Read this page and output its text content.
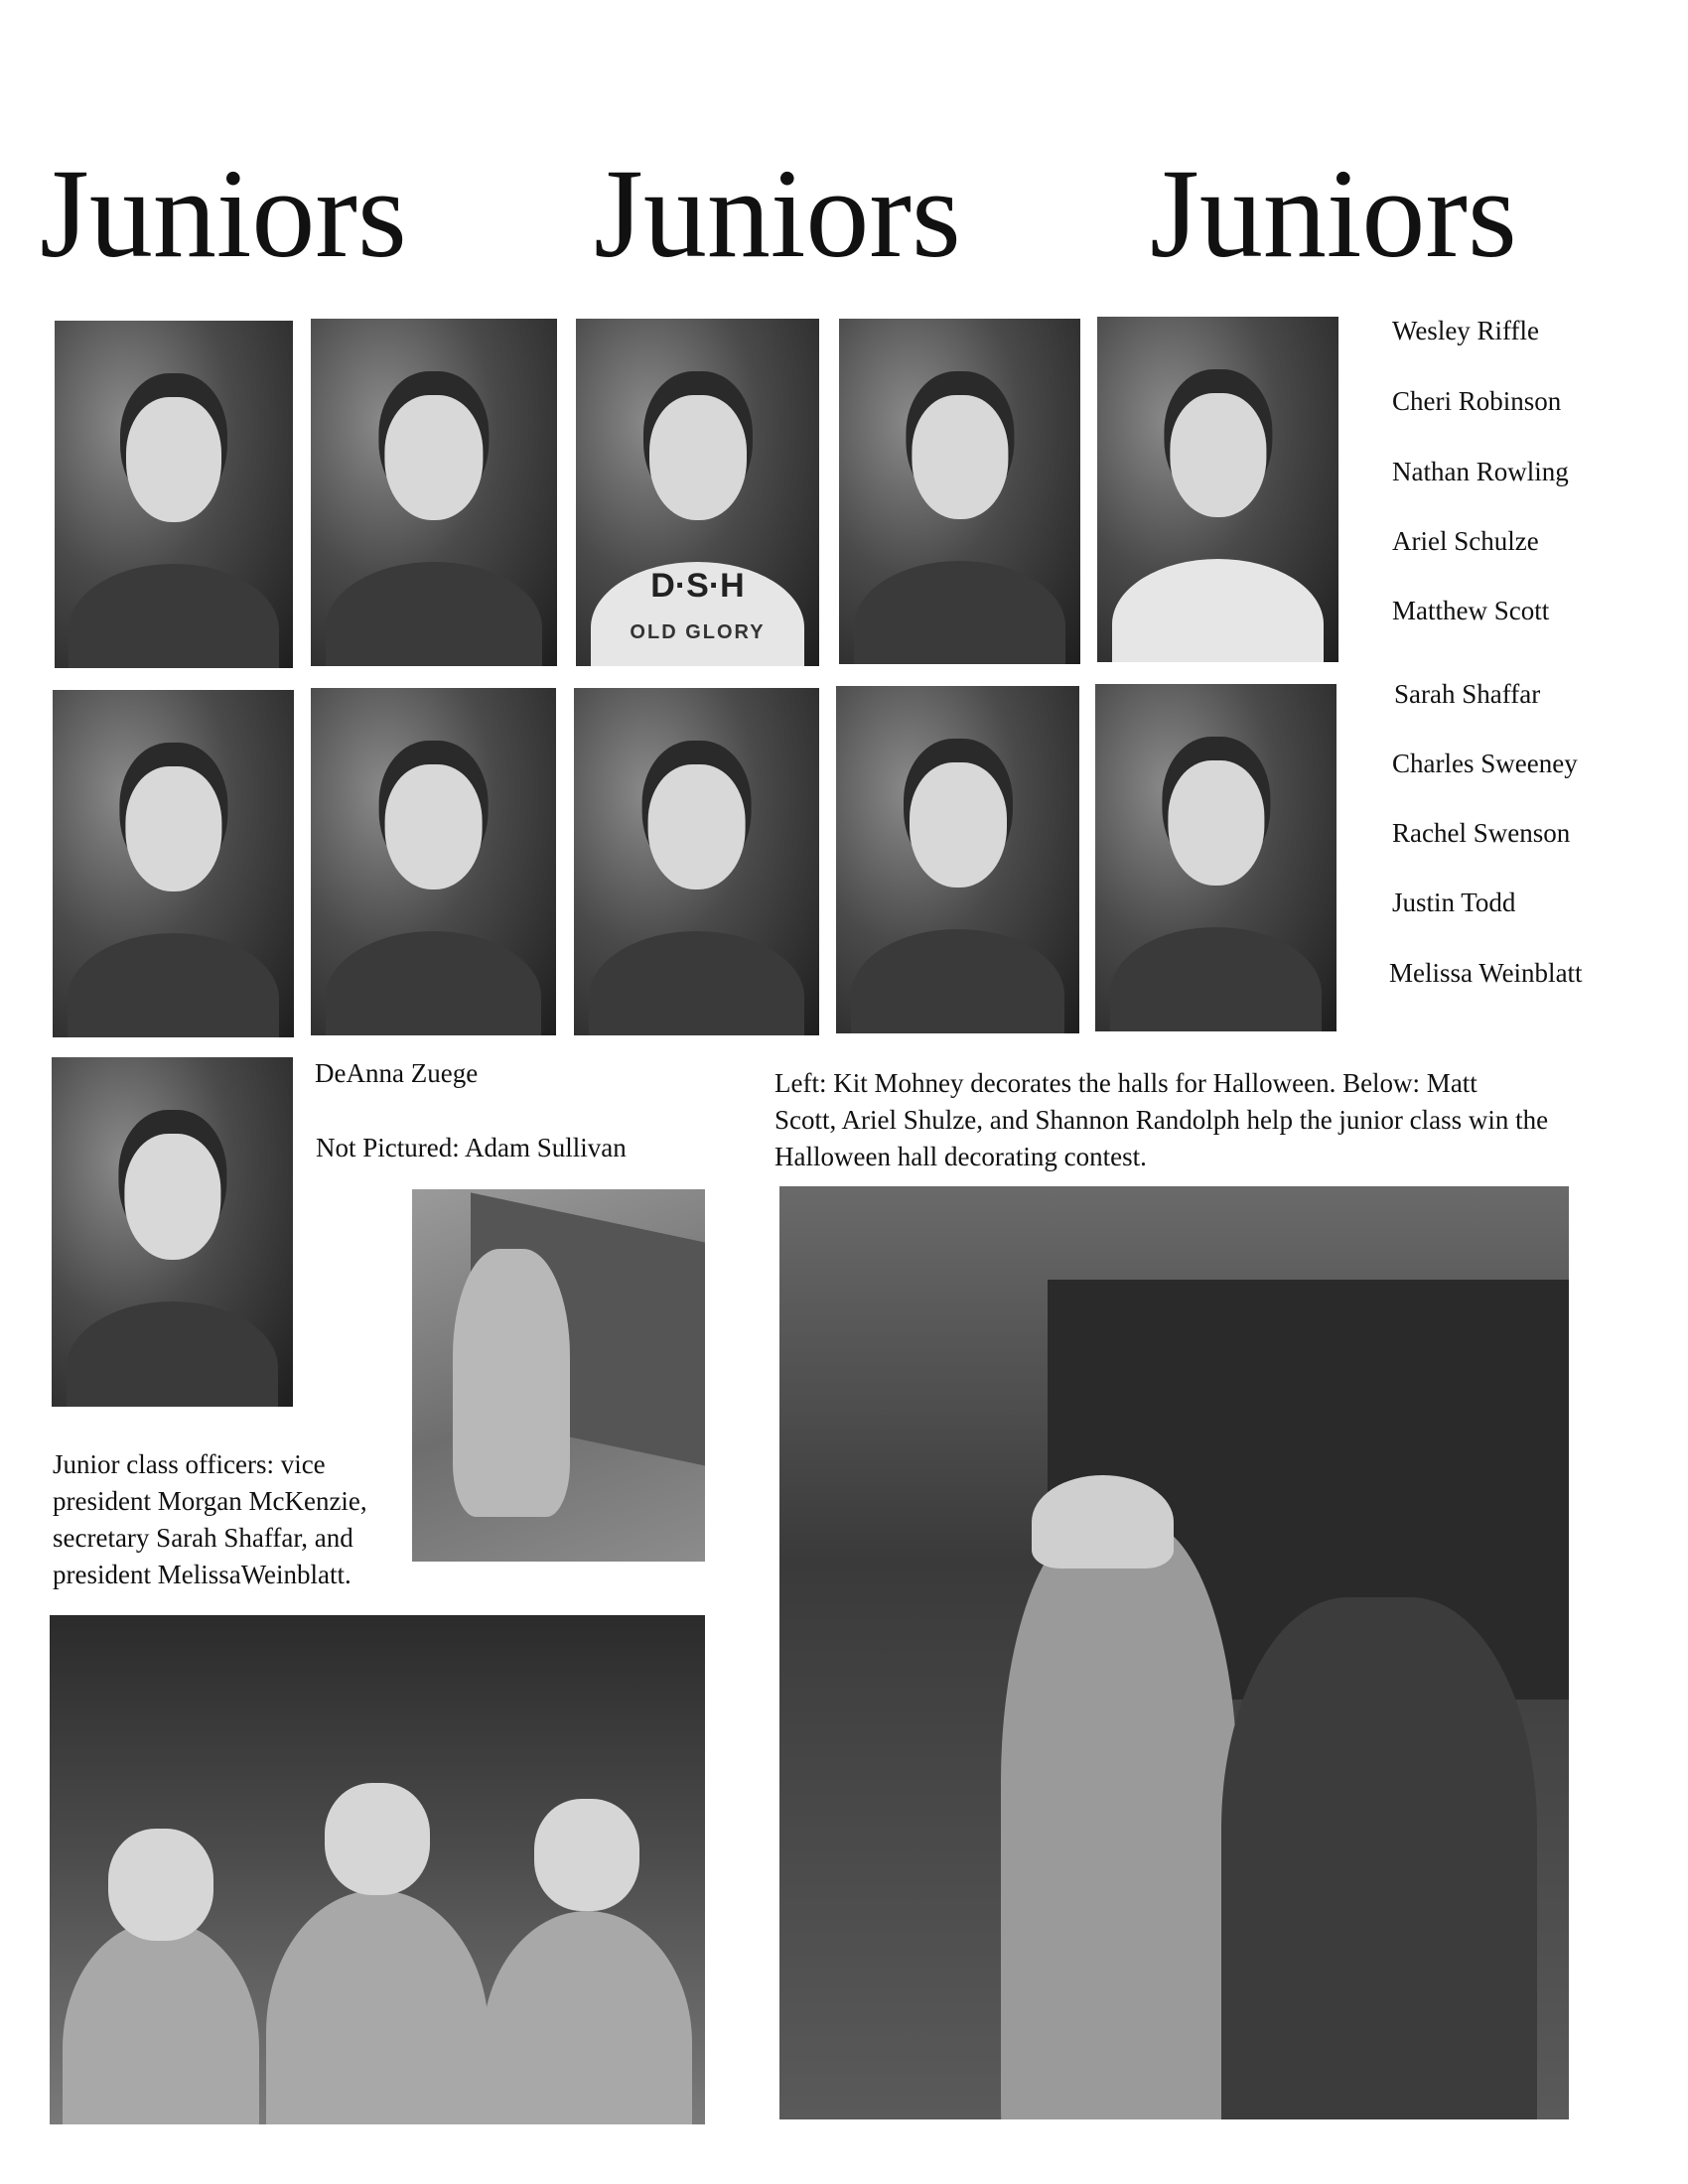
Juniors Juniors Juniors
D·S·H
OLD GLORY
Wesley Riffle
Cheri Robinson
Nathan Rowling
Ariel Schulze
Matthew Scott
Sarah Shaffar
Charles Sweeney
Rachel Swenson
Justin Todd
Melissa Weinblatt
DeAnna Zuege
Not Pictured: Adam Sullivan
Left: Kit Mohney decorates the halls for Halloween. Below: Matt
Scott, Ariel Shulze, and Shannon Randolph help the junior class win the
Halloween hall decorating contest.
Junior class officers: vice
president Morgan McKenzie,
secretary Sarah Shaffar, and
president MelissaWeinblatt.
